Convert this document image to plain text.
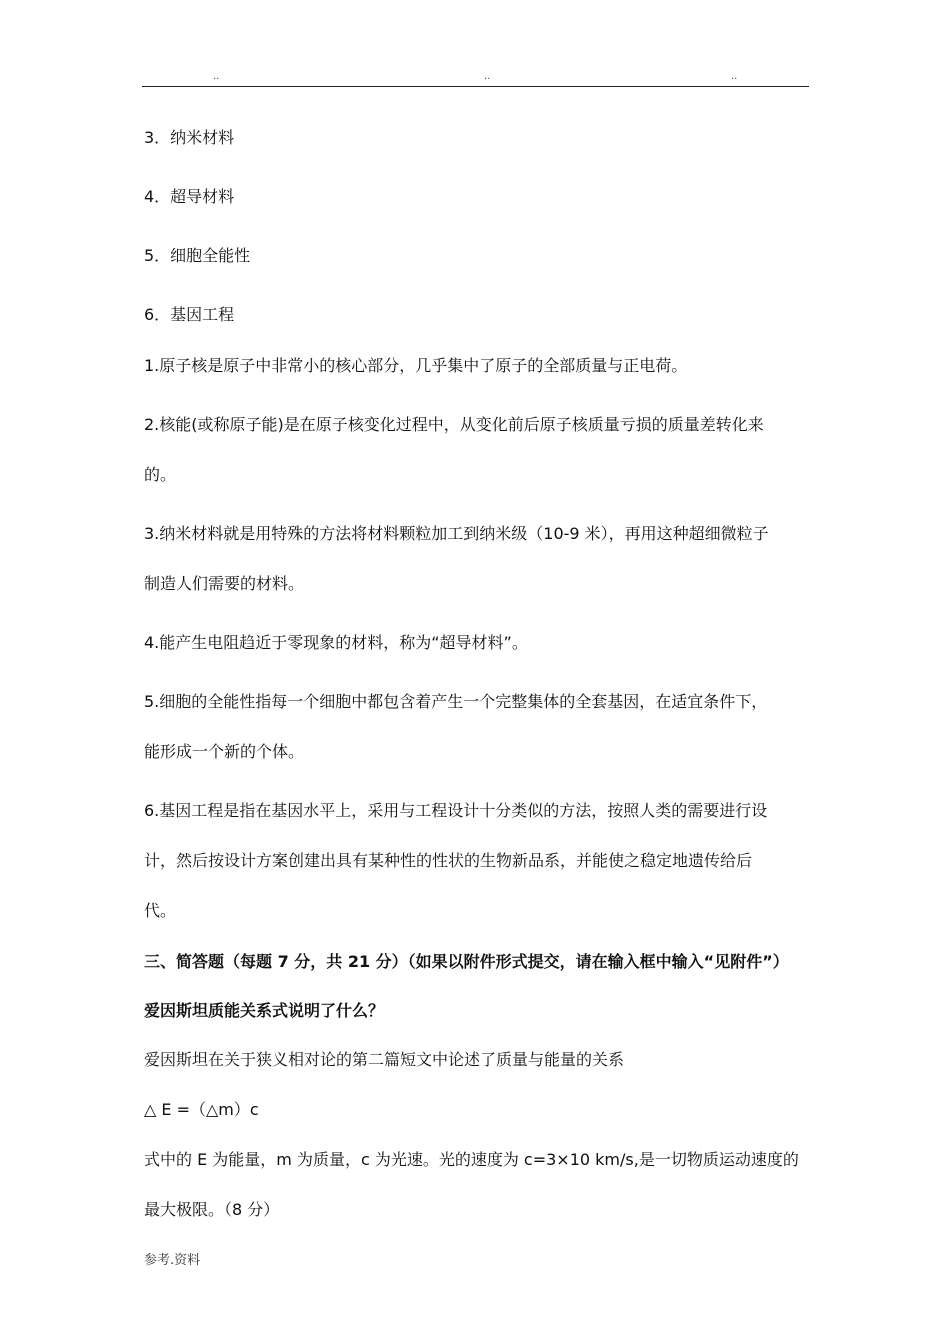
..	..	..
3．纳米材料
4．超导材料
5．细胞全能性
6．基因工程
1.原子核是原子中非常小的核心部分，几乎集中了原子的全部质量与正电荷。
2.核能(或称原子能)是在原子核变化过程中，从变化前后原子核质量亏损的质量差转化来
的。
3.纳米材料就是用特殊的方法将材料颗粒加工到纳米级（10-9 米），再用这种超细微粒子
制造人们需要的材料。
4.能产生电阻趋近于零现象的材料，称为“超导材料”。
5.细胞的全能性指每一个细胞中都包含着产生一个完整集体的全套基因，在适宜条件下，
能形成一个新的个体。
6.基因工程是指在基因水平上，采用与工程设计十分类似的方法，按照人类的需要进行设
计，然后按设计方案创建出具有某种性的性状的生物新品系，并能使之稳定地遗传给后
代。
三、简答题（每题 7 分，共 21 分）（如果以附件形式提交，请在输入框中输入“见附件”）
爱因斯坦质能关系式说明了什么？
爱因斯坦在关于狭义相对论的第二篇短文中论述了质量与能量的关系
△ E =（△m）c
式中的 E 为能量，m 为质量，c 为光速。光的速度为 c=3×10 km/s,是一切物质运动速度的
最大极限。（8 分）
参考.资料
